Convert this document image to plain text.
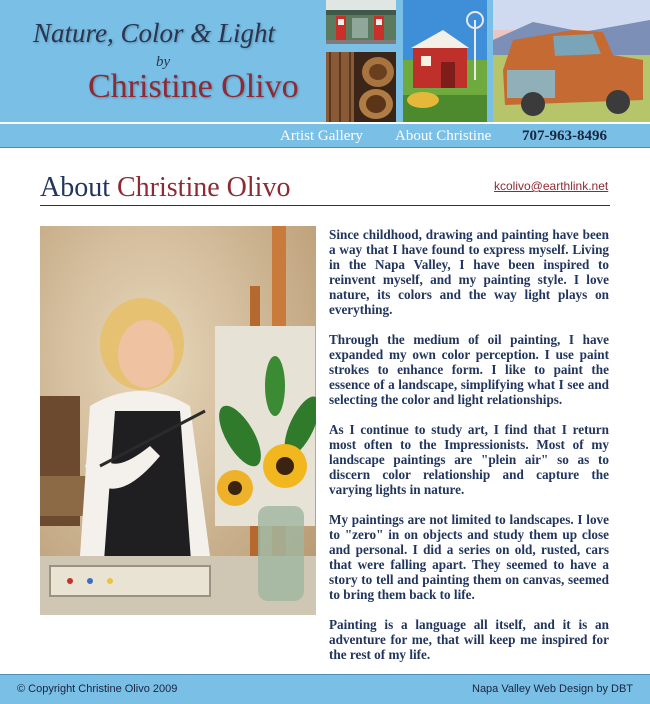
Nature, Color & Light
by
Christine Olivo
Artist Gallery About Christine 707-963-8496
About Christine Olivo	kcolivo@earthlink.net

Since childhood, drawing and painting have been a way that I have found to express myself. Living in the Napa Valley, I have been inspired to reinvent myself, and my painting style. I love nature, its colors and the way light plays on everything.

Through the medium of oil painting, I have expanded my own color perception. I use paint strokes to enhance form. I like to paint the essence of a landscape, simplifying what I see and selecting the color and light relationships.

As I continue to study art, I find that I return most often to the Impressionists. Most of my landscape paintings are "plein air" so as to discern color relationship and capture the varying lights in nature.

My paintings are not limited to landscapes. I love to "zero" in on objects and study them up close and personal. I did a series on old, rusted, cars that were falling apart. They seemed to have a story to tell and painting them on canvas, seemed to bring them back to life.

Painting is a language all itself, and it is an adventure for me, that will keep me inspired for the rest of my life.

© Copyright Christine Olivo 2009	Napa Valley Web Design by DBT
